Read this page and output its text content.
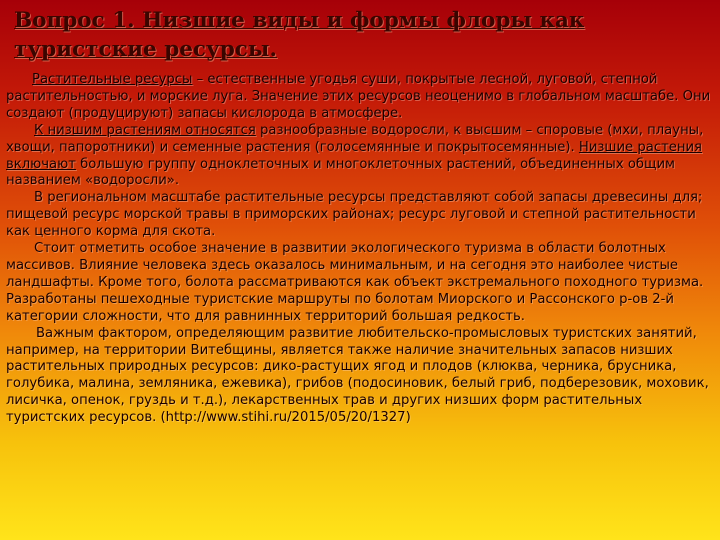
Вопрос 1. Низшие виды и формы флоры как туристские ресурсы.

Растительные ресурсы – естественные угодья суши, покрытые лесной, луговой, степной растительностью, и морские луга. Значение этих ресурсов неоценимо в глобальном масштабе. Они создают (продуцируют) запасы кислорода в атмосфере.

К низшим растениям относятся разнообразные водоросли, к высшим – споровые (мхи, плауны, хвощи, папоротники) и семенные растения (голосемянные и покрытосемянные). Низшие растения включают большую группу одноклеточных и многоклеточных растений, объединенных общим названием «водоросли».

В региональном масштабе растительные ресурсы представляют собой запасы древесины для; пищевой ресурс морской травы в приморских районах; ресурс луговой и степной растительности как ценного корма для скота.

Стоит отметить особое значение в развитии экологического туризма в области болотных массивов. Влияние человека здесь оказалось минимальным, и на сегодня это наиболее чистые ландшафты. Кроме того, болота рассматриваются как объект экстремального походного туризма. Разработаны пешеходные туристские маршруты по болотам Миорского и Рассонского р-ов 2-й категории сложности, что для равнинных территорий большая редкость.

Важным фактором, определяющим развитие любительско-промысловых туристских занятий, например, на территории Витебщины, является также наличие значительных запасов низших растительных природных ресурсов: дико-растущих ягод и плодов (клюква, черника, брусника, голубика, малина, земляника, ежевика), грибов (подосиновик, белый гриб, подберезовик, моховик, лисичка, опенок, груздь и т.д.), лекарственных трав и других низших форм растительных туристских ресурсов. (http://www.stihi.ru/2015/05/20/1327)
